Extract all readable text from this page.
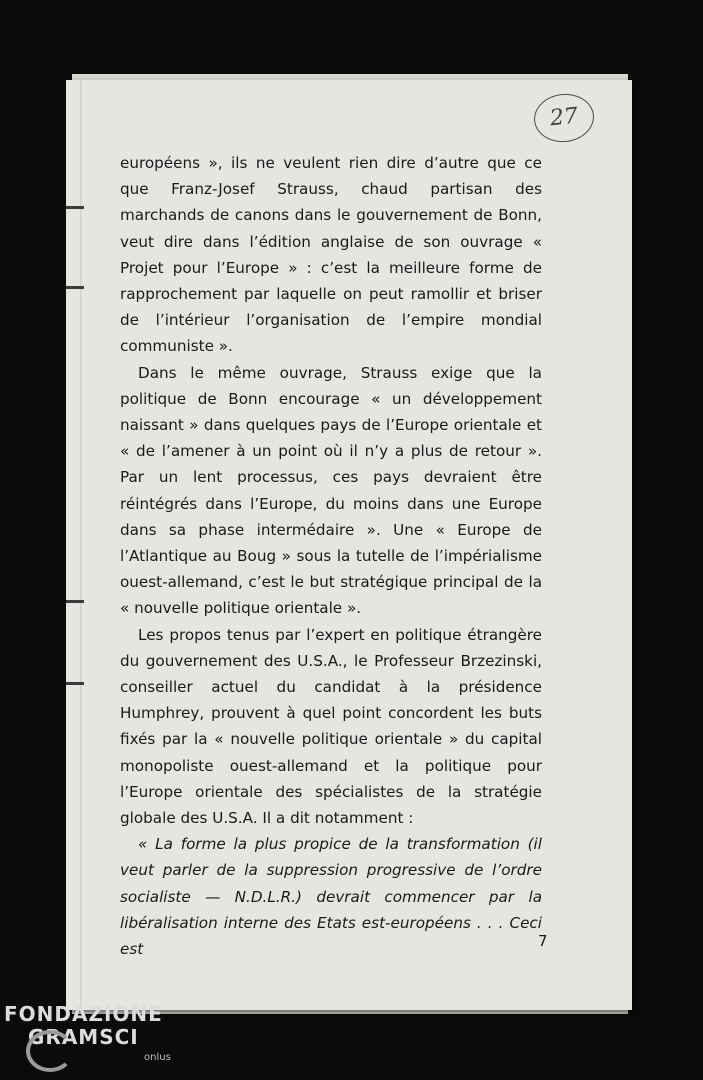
27

européens », ils ne veulent rien dire d’autre que ce que Franz-Josef Strauss, chaud partisan des marchands de canons dans le gouvernement de Bonn, veut dire dans l’édition anglaise de son ouvrage « Projet pour l’Europe » : c’est la meilleure forme de rapprochement par laquelle on peut ramollir et briser de l’intérieur l’organisation de l’empire mondial communiste ».

Dans le même ouvrage, Strauss exige que la politique de Bonn encourage « un développement naissant » dans quelques pays de l’Europe orientale et « de l’amener à un point où il n’y a plus de retour ». Par un lent processus, ces pays devraient être réintégrés dans l’Europe, du moins dans une Europe dans sa phase intermédaire ». Une « Europe de l’Atlantique au Boug » sous la tutelle de l’impérialisme ouest-allemand, c’est le but stratégique principal de la « nouvelle politique orientale ».

Les propos tenus par l’expert en politique étrangère du gouvernement des U.S.A., le Professeur Brzezinski, conseiller actuel du candidat à la présidence Humphrey, prouvent à quel point concordent les buts fixés par la « nouvelle politique orientale » du capital monopoliste ouest-allemand et la politique pour l’Europe orientale des spécialistes de la stratégie globale des U.S.A. Il a dit notamment :

« La forme la plus propice de la transformation (il veut parler de la suppression progressive de l’ordre socialiste — N.D.L.R.) devrait commencer par la libéralisation interne des Etats est-européens . . . Ceci est	7
FONDAZIONE
GRAMSCI
onlus
